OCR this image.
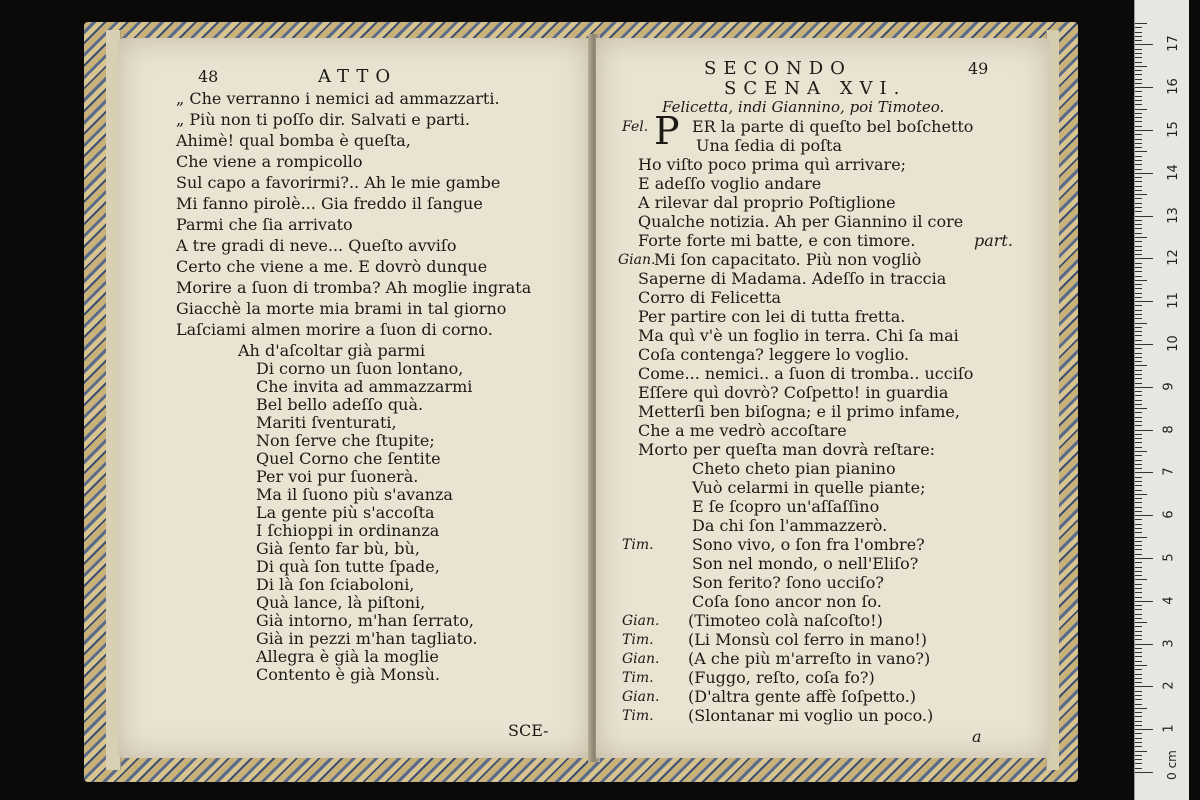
48	ATTO
„ Che verranno i nemici ad ammazzarti.
„ Più non ti poſſo dir. Salvati e parti.
Ahimè! qual bomba è queſta,
Che viene a rompicollo
Sul capo a favorirmi?.. Ah le mie gambe
Mi fanno pirolè... Gia freddo il ſangue
Parmi che ſia arrivato
A tre gradi di neve... Queſto avviſo
Certo che viene a me. E dovrò dunque
Morire a ſuon di tromba? Ah moglie ingrata
Giacchè la morte mia brami in tal giorno
Laſciami almen morire a ſuon di corno.
Ah d'aſcoltar già parmi
Di corno un ſuon lontano,
Che invita ad ammazzarmi
Bel bello adeſſo quà.
Mariti ſventurati,
Non ſerve che ſtupite;
Quel Corno che ſentite
Per voi pur ſuonerà.
Ma il ſuono più s'avanza
La gente più s'accoſta
I ſchioppi in ordinanza
Già ſento far bù, bù,
Di quà ſon tutte ſpade,
Di là ſon ſciaboloni,
Quà lance, là piſtoni,
Già intorno, m'han ſerrato,
Già in pezzi m'han tagliato.
Allegra è già la moglie
Contento è già Monsù.
SCE-
SECONDO	49
SCENA XVI.
Felicetta, indi Giannino, poi Timoteo.
P
Fel.	ER la parte di queſto bel boſchetto
Una ſedia di poſta
Ho viſto poco prima quì arrivare;
E adeſſo voglio andare
A rilevar dal proprio Poſtiglione
Qualche notizia. Ah per Giannino il core
Forte forte mi batte, e con timore.	part.
Gian.
Mi ſon capacitato. Più non vogliò
Saperne di Madama. Adeſſo in traccia
Corro di Felicetta
Per partire con lei di tutta fretta.
Ma quì v'è un foglio in terra. Chi ſa mai
Coſa contenga? leggere lo voglio.
Come... nemici.. a ſuon di tromba.. ucciſo
Eſſere quì dovrò? Coſpetto! in guardia
Metterſi ben biſogna; e il primo infame,
Che a me vedrò accoſtare
Morto per queſta man dovrà reſtare:
Cheto cheto pian pianino
Vuò celarmi in quelle piante;
E ſe ſcopro un'aſſaſſino
Da chi ſon l'ammazzerò.
Tim. Sono vivo, o ſon fra l'ombre?
Son nel mondo, o nell'Eliſo?
Son ferito? ſono ucciſo?
Coſa ſono ancor non ſo.
Gian. (Timoteo colà naſcoſto!)
Tim. (Li Monsù col ferro in mano!)
Gian. (A che più m'arreſto in vano?)
Tim. (Fuggo, reſto, coſa fo?)
Gian. (D'altra gente affè ſoſpetto.)
Tim. (Slontanar mi voglio un poco.)
a
0 cm
17
16
15
14
13
12
11
10
9
8
7
6
5
4
3
2
1
